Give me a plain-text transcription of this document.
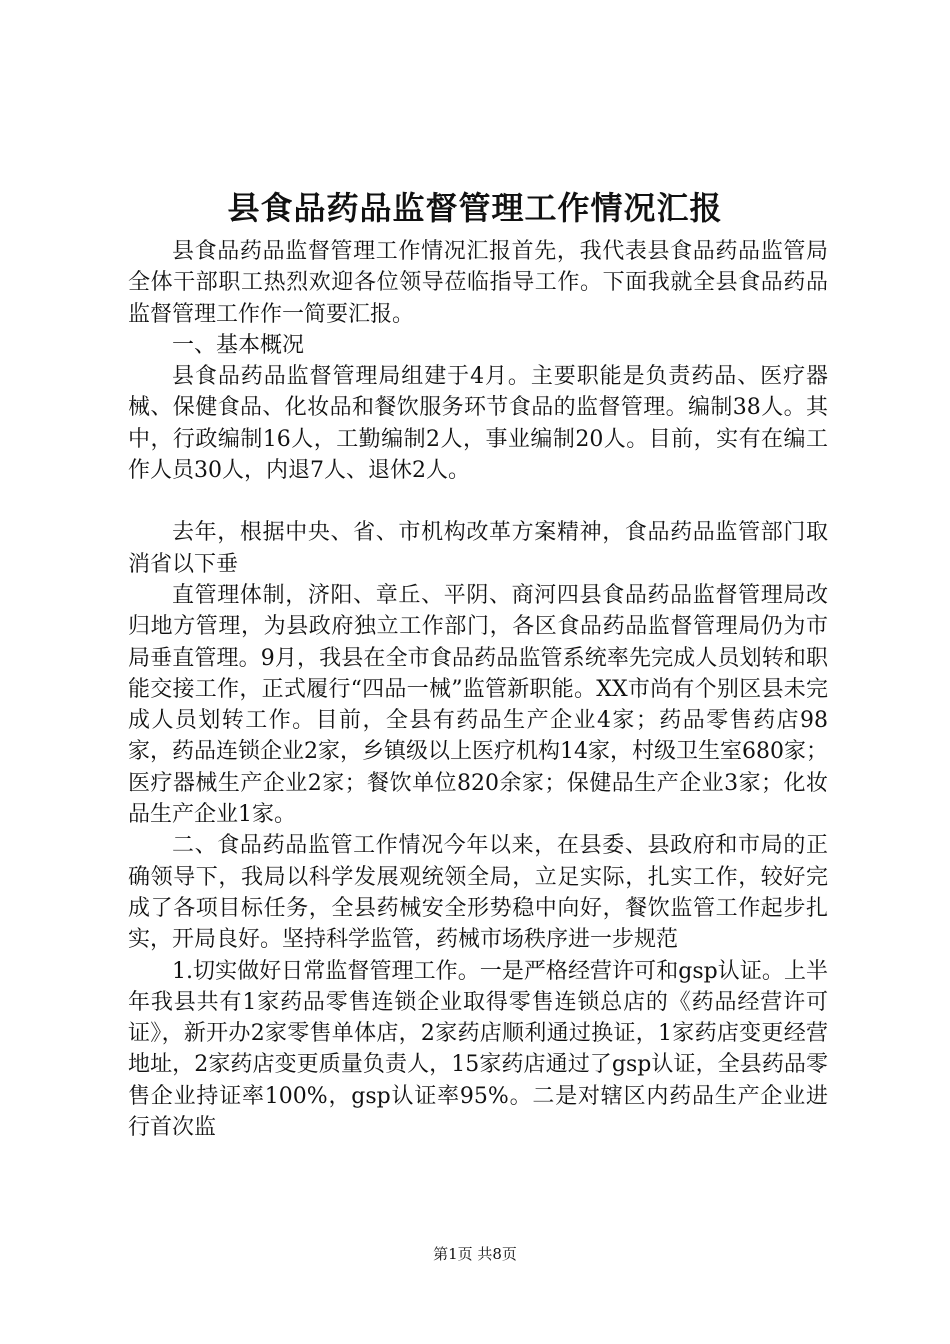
县食品药品监督管理工作情况汇报

县食品药品监督管理工作情况汇报首先，我代表县食品药品监管局全体干部职工热烈欢迎各位领导莅临指导工作。下面我就全县食品药品监督管理工作作一简要汇报。

一、基本概况

县食品药品监督管理局组建于4月。主要职能是负责药品、医疗器械、保健食品、化妆品和餐饮服务环节食品的监督管理。编制38人。其中，行政编制16人，工勤编制2人，事业编制20人。目前，实有在编工作人员30人，内退7人、退休2人。

去年，根据中央、省、市机构改革方案精神，食品药品监管部门取消省以下垂

直管理体制，济阳、章丘、平阴、商河四县食品药品监督管理局改归地方管理，为县政府独立工作部门，各区食品药品监督管理局仍为市局垂直管理。9月，我县在全市食品药品监管系统率先完成人员划转和职能交接工作，正式履行“四品一械”监管新职能。XX市尚有个别区县未完成人员划转工作。目前，全县有药品生产企业4家；药品零售药店98家，药品连锁企业2家，乡镇级以上医疗机构14家，村级卫生室680家；医疗器械生产企业2家；餐饮单位820余家；保健品生产企业3家；化妆品生产企业1家。

二、食品药品监管工作情况今年以来，在县委、县政府和市局的正确领导下，我局以科学发展观统领全局，立足实际，扎实工作，较好完成了各项目标任务，全县药械安全形势稳中向好，餐饮监管工作起步扎实，开局良好。坚持科学监管，药械市场秩序进一步规范

1.切实做好日常监督管理工作。一是严格经营许可和gsp认证。上半年我县共有1家药品零售连锁企业取得零售连锁总店的《药品经营许可证》，新开办2家零售单体店，2家药店顺利通过换证，1家药店变更经营地址，2家药店变更质量负责人，15家药店通过了gsp认证，全县药品零售企业持证率100%，gsp认证率95%。二是对辖区内药品生产企业进行首次监

第1页 共8页
